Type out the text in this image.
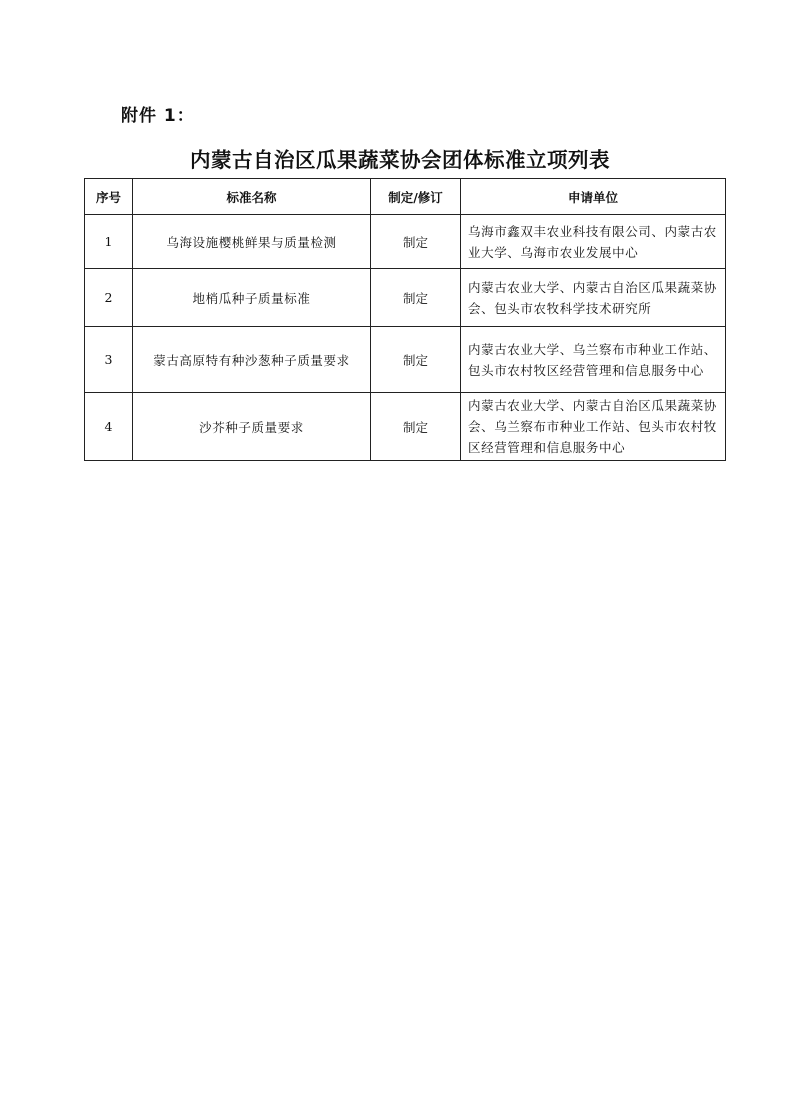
附件 1：
内蒙古自治区瓜果蔬菜协会团体标准立项列表
序号	标准名称	制定/修订	申请单位
1	乌海设施樱桃鲜果与质量检测	制定	乌海市鑫双丰农业科技有限公司、内蒙古农业大学、乌海市农业发展中心
2	地梢瓜种子质量标准	制定	内蒙古农业大学、内蒙古自治区瓜果蔬菜协会、包头市农牧科学技术研究所
3	蒙古高原特有种沙葱种子质量要求	制定	内蒙古农业大学、乌兰察布市种业工作站、包头市农村牧区经营管理和信息服务中心
4	沙芥种子质量要求	制定	内蒙古农业大学、内蒙古自治区瓜果蔬菜协会、乌兰察布市种业工作站、包头市农村牧区经营管理和信息服务中心
